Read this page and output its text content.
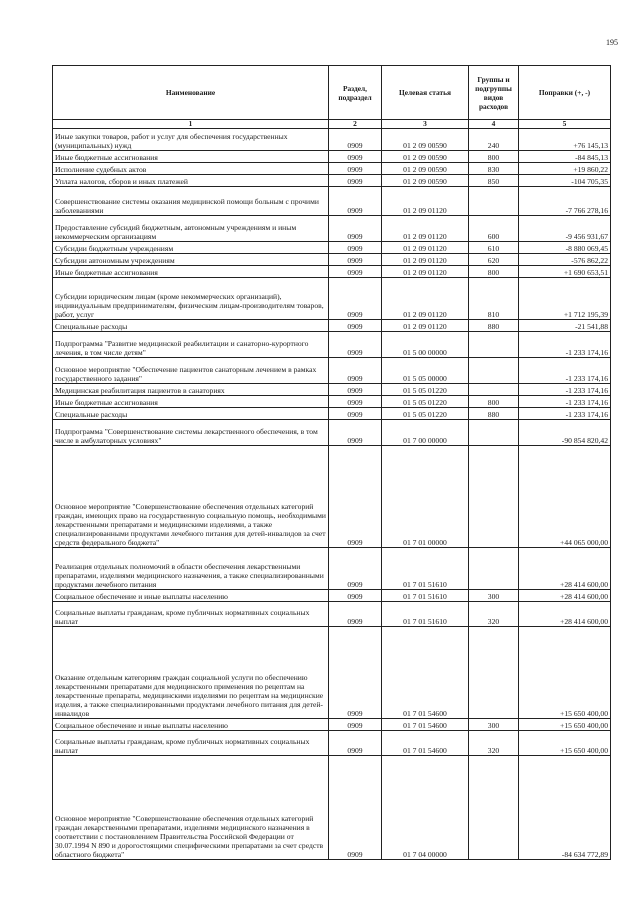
195
Наименование	Раздел, подраздел	Целевая статья	Группы и подгруппы видов расходов	Поправки (+, -)
1	2	3	4	5
Иные закупки товаров, работ и услуг для обеспечения государственных (муниципальных) нужд	0909	01 2 09 00590	240	+76 145,13
Иные бюджетные ассигнования	0909	01 2 09 00590	800	-84 845,13
Исполнение судебных актов	0909	01 2 09 00590	830	+19 860,22
Уплата налогов, сборов и иных платежей	0909	01 2 09 00590	850	-104 705,35
Совершенствование системы оказания медицинской помощи больным с прочими заболеваниями	0909	01 2 09 01120		-7 766 278,16
Предоставление субсидий бюджетным, автономным учреждениям и иным некоммерческим организациям	0909	01 2 09 01120	600	-9 456 931,67
Субсидии бюджетным учреждениям	0909	01 2 09 01120	610	-8 880 069,45
Субсидии автономным учреждениям	0909	01 2 09 01120	620	-576 862,22
Иные бюджетные ассигнования	0909	01 2 09 01120	800	+1 690 653,51
Субсидии юридическим лицам (кроме некоммерческих организаций), индивидуальным предпринимателям, физическим лицам-производителям товаров, работ, услуг	0909	01 2 09 01120	810	+1 712 195,39
Специальные расходы	0909	01 2 09 01120	880	-21 541,88
Подпрограмма "Развитие медицинской реабилитации и санаторно-курортного лечения, в том числе детям"	0909	01 5 00 00000		-1 233 174,16
Основное мероприятие "Обеспечение пациентов санаторным лечением в рамках государственного задания"	0909	01 5 05 00000		-1 233 174,16
Медицинская реабилитация пациентов в санаториях	0909	01 5 05 01220		-1 233 174,16
Иные бюджетные ассигнования	0909	01 5 05 01220	800	-1 233 174,16
Специальные расходы	0909	01 5 05 01220	880	-1 233 174,16
Подпрограмма "Совершенствование системы лекарственного обеспечения, в том числе в амбулаторных условиях"	0909	01 7 00 00000		-90 854 820,42
Основное мероприятие "Совершенствование обеспечения отдельных категорий граждан, имеющих право на государственную социальную помощь, необходимыми лекарственными препаратами и медицинскими изделиями, а также специализированными продуктами лечебного питания для детей-инвалидов за счет средств федерального бюджета"	0909	01 7 01 00000		+44 065 000,00
Реализация отдельных полномочий в области обеспечения лекарственными препаратами, изделиями медицинского назначения, а также специализированными продуктами лечебного питания	0909	01 7 01 51610		+28 414 600,00
Социальное обеспечение и иные выплаты населению	0909	01 7 01 51610	300	+28 414 600,00
Социальные выплаты гражданам, кроме публичных нормативных социальных выплат	0909	01 7 01 51610	320	+28 414 600,00
Оказание отдельным категориям граждан социальной услуги по обеспечению лекарственными препаратами для медицинского применения по рецептам на лекарственные препараты, медицинскими изделиями по рецептам на медицинские изделия, а также специализированными продуктами лечебного питания для детей-инвалидов	0909	01 7 01 54600		+15 650 400,00
Социальное обеспечение и иные выплаты населению	0909	01 7 01 54600	300	+15 650 400,00
Социальные выплаты гражданам, кроме публичных нормативных социальных выплат	0909	01 7 01 54600	320	+15 650 400,00
Основное мероприятие "Совершенствование обеспечения отдельных категорий граждан лекарственными препаратами, изделиями медицинского назначения в соответствии с постановлением Правительства Российской Федерации от 30.07.1994 N 890 и дорогостоящими специфическими препаратами за счет средств областного бюджета"	0909	01 7 04 00000		-84 634 772,89
